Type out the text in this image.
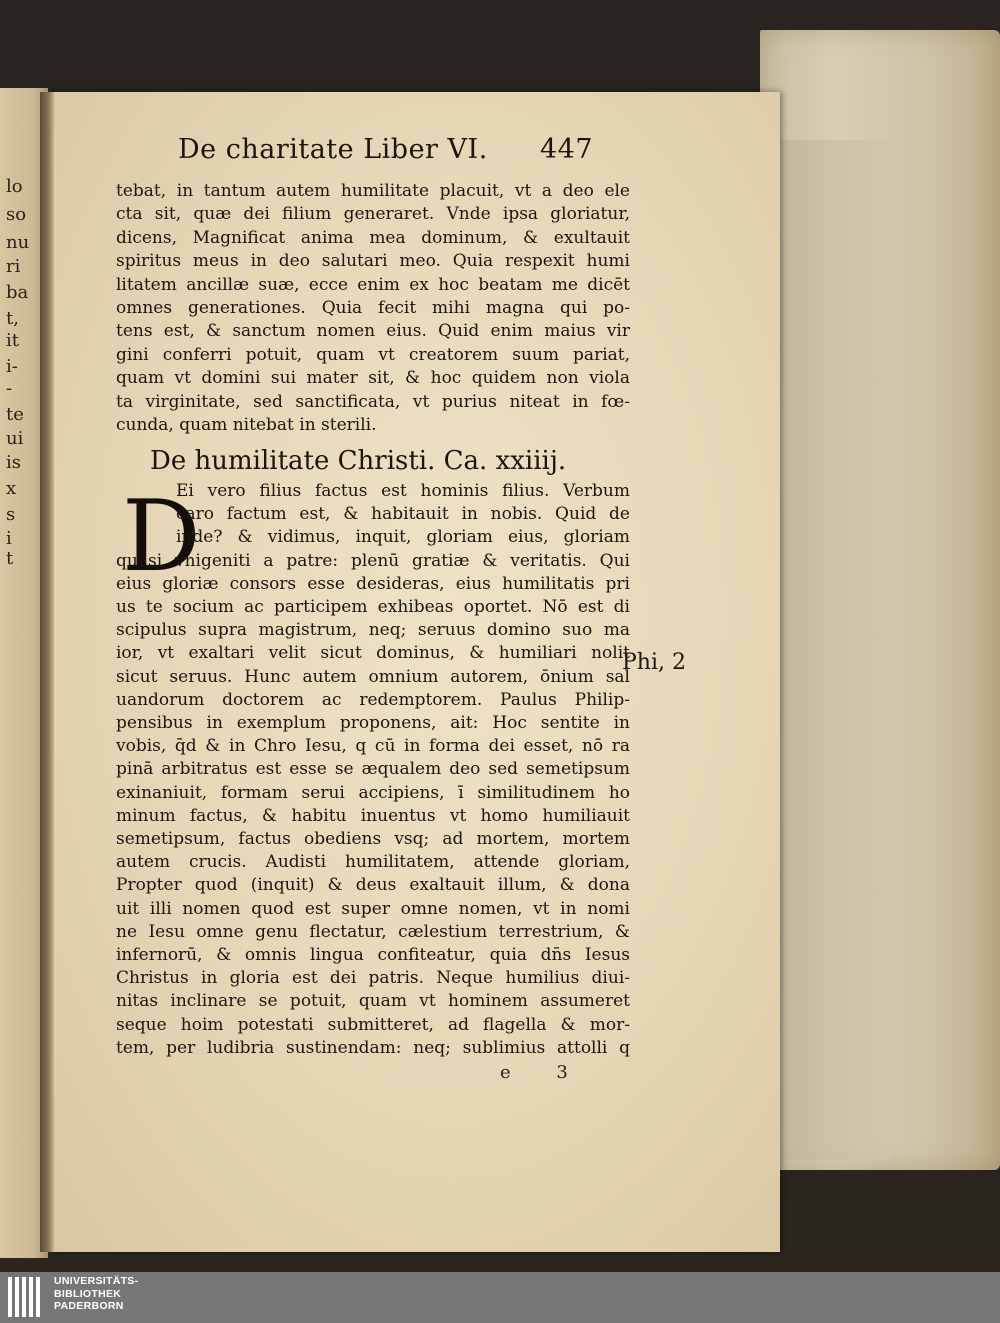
lo
so
nu
ri
ba
t,
it
i-
-
te
ui
is
x
s
i
t
De charitate Liber VI. 447
tebat, in tantum autem humilitate placuit, vt a deo ele
cta sit, quæ dei filium generaret. Vnde ipsa gloriatur,
dicens, Magnificat anima mea dominum, & exultauit
spiritus meus in deo salutari meo. Quia respexit humi
litatem ancillæ suæ, ecce enim ex hoc beatam me dicēt
omnes generationes. Quia fecit mihi magna qui po-
tens est, & sanctum nomen eius. Quid enim maius vir
gini conferri potuit, quam vt creatorem suum pariat,
quam vt domini sui mater sit, & hoc quidem non viola
ta virginitate, sed sanctificata, vt purius niteat in fœ-
cunda, quam nitebat in sterili.
De humilitate Christi. Ca. xxiiij.
D
Ei vero filius factus est hominis filius. Verbum
caro factum est, & habitauit in nobis. Quid de
inde? & vidimus, inquit, gloriam eius, gloriam
quasi vnigeniti a patre: plenū gratiæ & veritatis. Qui
eius gloriæ consors esse desideras, eius humilitatis pri
us te socium ac participem exhibeas oportet. Nō est di
scipulus supra magistrum, neq; seruus domino suo ma
ior, vt exaltari velit sicut dominus, & humiliari nolit
sicut seruus. Hunc autem omnium autorem, ōnium sal
uandorum doctorem ac redemptorem. Paulus Philip-
pensibus in exemplum proponens, ait: Hoc sentite in
vobis, q̄d & in Chro Iesu, q cū in forma dei esset, nō ra
pinā arbitratus est esse se æqualem deo sed semetipsum
exinaniuit, formam serui accipiens, ī similitudinem ho
minum factus, & habitu inuentus vt homo humiliauit
semetipsum, factus obediens vsq; ad mortem, mortem
autem crucis. Audisti humilitatem, attende gloriam,
Propter quod (inquit) & deus exaltauit illum, & dona
uit illi nomen quod est super omne nomen, vt in nomi
ne Iesu omne genu flectatur, cælestium terrestrium, &
infernorū, & omnis lingua confiteatur, quia dn̄s Iesus
Christus in gloria est dei patris. Neque humilius diui-
nitas inclinare se potuit, quam vt hominem assumeret
seque hoim potestati submitteret, ad flagella & mor-
tem, per ludibria sustinendam: neq; sublimius attolli q
Phi, 2
e 3
UNIVERSITÄTS-
BIBLIOTHEK
PADERBORN
